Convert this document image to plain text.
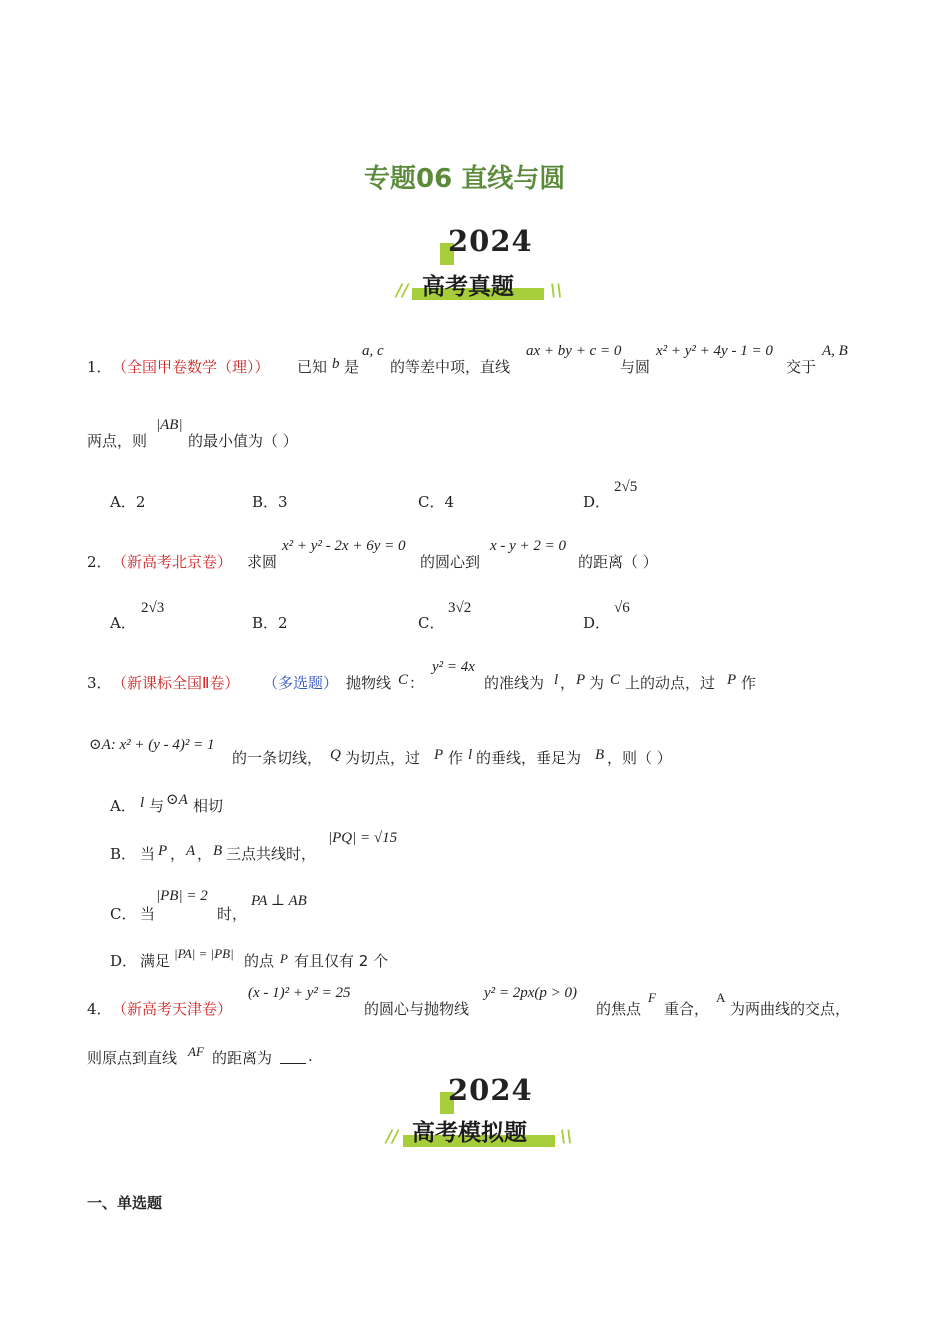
专题06 直线与圆
2024
// 高考真题 \\
1． （全国甲卷数学（理）） 已知 b 是
a, c
的等差中项，直线
ax + by + c = 0
与圆
x² + y² + 4y - 1 = 0
交于
A, B
两点，则
|AB|
的最小值为（ ）
A．2	B．3	C．4	D．
2√5
2． （新高考北京卷） 求圆
x² + y² - 2x + 6y = 0
的圆心到
x - y + 2 = 0
的距离（ ）
A．
2√3
B．2	C．
3√2
D．
√6
3． （新课标全国Ⅱ卷） （多选题） 抛物线 C ：
y² = 4x
的准线为 l ， P 为 C 上的动点，过 P 作
⊙A: x² + (y - 4)² = 1
的一条切线， Q 为切点，过 P 作 l 的垂线，垂足为 B ，则（ ）
A． l 与 ⊙A 相切
B． 当 P ， A ， B 三点共线时，
|PQ| = √15
C． 当
|PB| = 2
时，
PA ⊥ AB
D． 满足 |PA| = |PB| 的点 P 有且仅有 2 个
4． （新高考天津卷）
(x - 1)² + y² = 25
的圆心与抛物线
y² = 2px(p > 0)
的焦点
F
重合，
A
为两曲线的交点，
则原点到直线 AF 的距离为 .
2024
// 高考模拟题 \\
一、单选题
